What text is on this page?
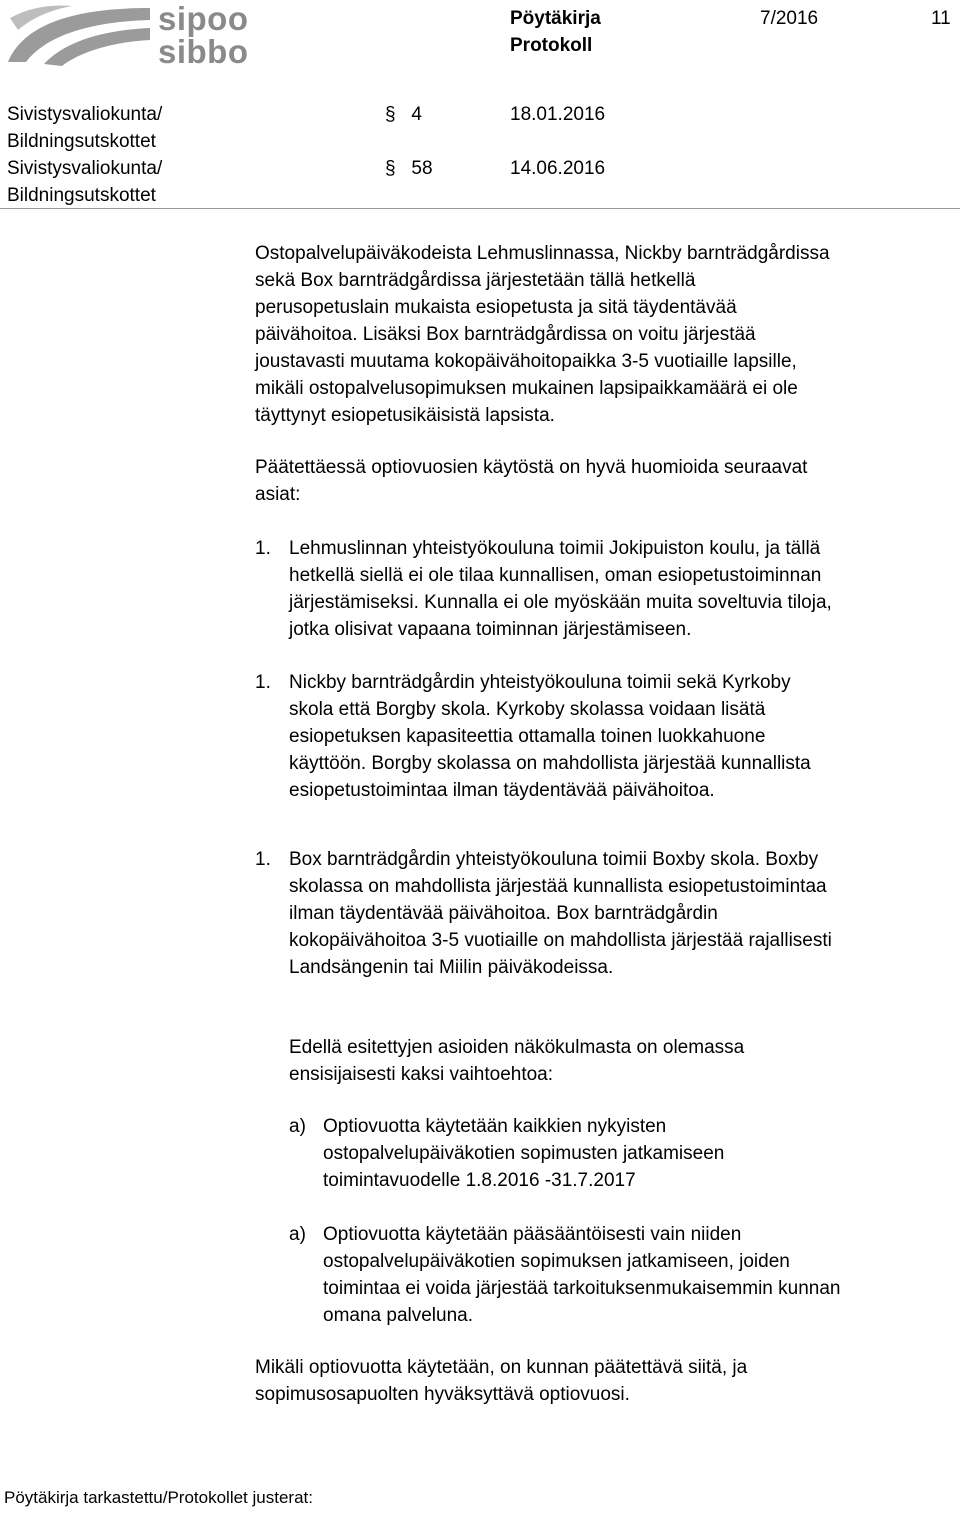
sipoo
sibbo
Pöytäkirja
Protokoll
7/2016	11
Sivistysvaliokunta/
Bildningsutskottet
§ 4	18.01.2016
Sivistysvaliokunta/
Bildningsutskottet
§ 58	14.06.2016
Ostopalvelupäiväkodeista Lehmuslinnassa, Nickby barnträdgårdissa
sekä Box barnträdgårdissa järjestetään tällä hetkellä
perusopetuslain mukaista esiopetusta ja sitä täydentävää
päivähoitoa. Lisäksi Box barnträdgårdissa on voitu järjestää
joustavasti muutama kokopäivähoitopaikka 3-5 vuotiaille lapsille,
mikäli ostopalvelusopimuksen mukainen lapsipaikkamäärä ei ole
täyttynyt esiopetusikäisistä lapsista.
Päätettäessä optiovuosien käytöstä on hyvä huomioida seuraavat
asiat:
1. Lehmuslinnan yhteistyökouluna toimii Jokipuiston koulu, ja tällä
hetkellä siellä ei ole tilaa kunnallisen, oman esiopetustoiminnan
järjestämiseksi. Kunnalla ei ole myöskään muita soveltuvia tiloja,
jotka olisivat vapaana toiminnan järjestämiseen.
1. Nickby barnträdgårdin yhteistyökouluna toimii sekä Kyrkoby
skola että Borgby skola. Kyrkoby skolassa voidaan lisätä
esiopetuksen kapasiteettia ottamalla toinen luokkahuone
käyttöön. Borgby skolassa on mahdollista järjestää kunnallista
esiopetustoimintaa ilman täydentävää päivähoitoa.
1. Box barnträdgårdin yhteistyökouluna toimii Boxby skola. Boxby
skolassa on mahdollista järjestää kunnallista esiopetustoimintaa
ilman täydentävää päivähoitoa. Box barnträdgårdin
kokopäivähoitoa 3-5 vuotiaille on mahdollista järjestää rajallisesti
Landsängenin tai Miilin päiväkodeissa.
Edellä esitettyjen asioiden näkökulmasta on olemassa
ensisijaisesti kaksi vaihtoehtoa:
a) Optiovuotta käytetään kaikkien nykyisten
ostopalvelupäiväkotien sopimusten jatkamiseen
toimintavuodelle 1.8.2016 -31.7.2017
a) Optiovuotta käytetään pääsääntöisesti vain niiden
ostopalvelupäiväkotien sopimuksen jatkamiseen, joiden
toimintaa ei voida järjestää tarkoituksenmukaisemmin kunnan
omana palveluna.
Mikäli optiovuotta käytetään, on kunnan päätettävä siitä, ja
sopimusosapuolten hyväksyttävä optiovuosi.
Pöytäkirja tarkastettu/Protokollet justerat:
